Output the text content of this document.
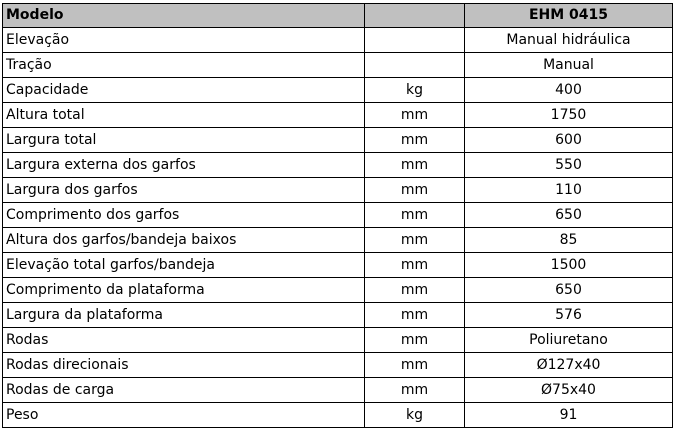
Modelo		EHM 0415
Elevação		Manual hidráulica
Tração		Manual
Capacidade	kg	400
Altura total	mm	1750
Largura total	mm	600
Largura externa dos garfos	mm	550
Largura dos garfos	mm	110
Comprimento dos garfos	mm	650
Altura dos garfos/bandeja baixos	mm	85
Elevação total garfos/bandeja	mm	1500
Comprimento da plataforma	mm	650
Largura da plataforma	mm	576
Rodas	mm	Poliuretano
Rodas direcionais	mm	Ø127x40
Rodas de carga	mm	Ø75x40
Peso	kg	91
